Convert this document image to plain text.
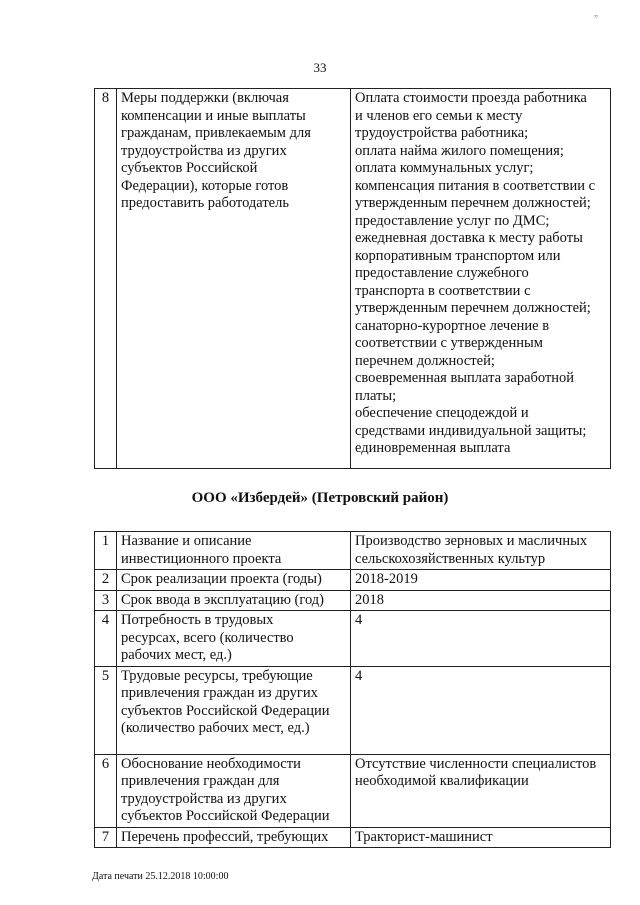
„
33
8	Меры поддержки (включая
компенсации и иные выплаты
гражданам, привлекаемым для
трудоустройства из других
субъектов Российской
Федерации), которые готов
предоставить работодатель	Оплата стоимости проезда работника
и членов его семьи к месту
трудоустройства работника;
оплата найма жилого помещения;
оплата коммунальных услуг;
компенсация питания в соответствии с
утвержденным перечнем должностей;
предоставление услуг по ДМС;
ежедневная доставка к месту работы
корпоративным транспортом или
предоставление служебного
транспорта в соответствии с
утвержденным перечнем должностей;
санаторно-курортное лечение в
соответствии с утвержденным
перечнем должностей;
своевременная выплата заработной
платы;
обеспечение спецодеждой и
средствами индивидуальной защиты;
единовременная выплата
ООО «Избердей» (Петровский район)
1	Название и описание
инвестиционного проекта	Производство зерновых и масличных
сельскохозяйственных культур
2	Срок реализации проекта (годы)	2018-2019
3	Срок ввода в эксплуатацию (год)	2018
4	Потребность в трудовых
ресурсах, всего (количество
рабочих мест, ед.)	4
5	Трудовые ресурсы, требующие
привлечения граждан из других
субъектов Российской Федерации
(количество рабочих мест, ед.)	4
6	Обоснование необходимости
привлечения граждан для
трудоустройства из других
субъектов Российской Федерации	Отсутствие численности специалистов
необходимой квалификации
7	Перечень профессий, требующих	Тракторист-машинист
Дата печати 25.12.2018 10:00:00
